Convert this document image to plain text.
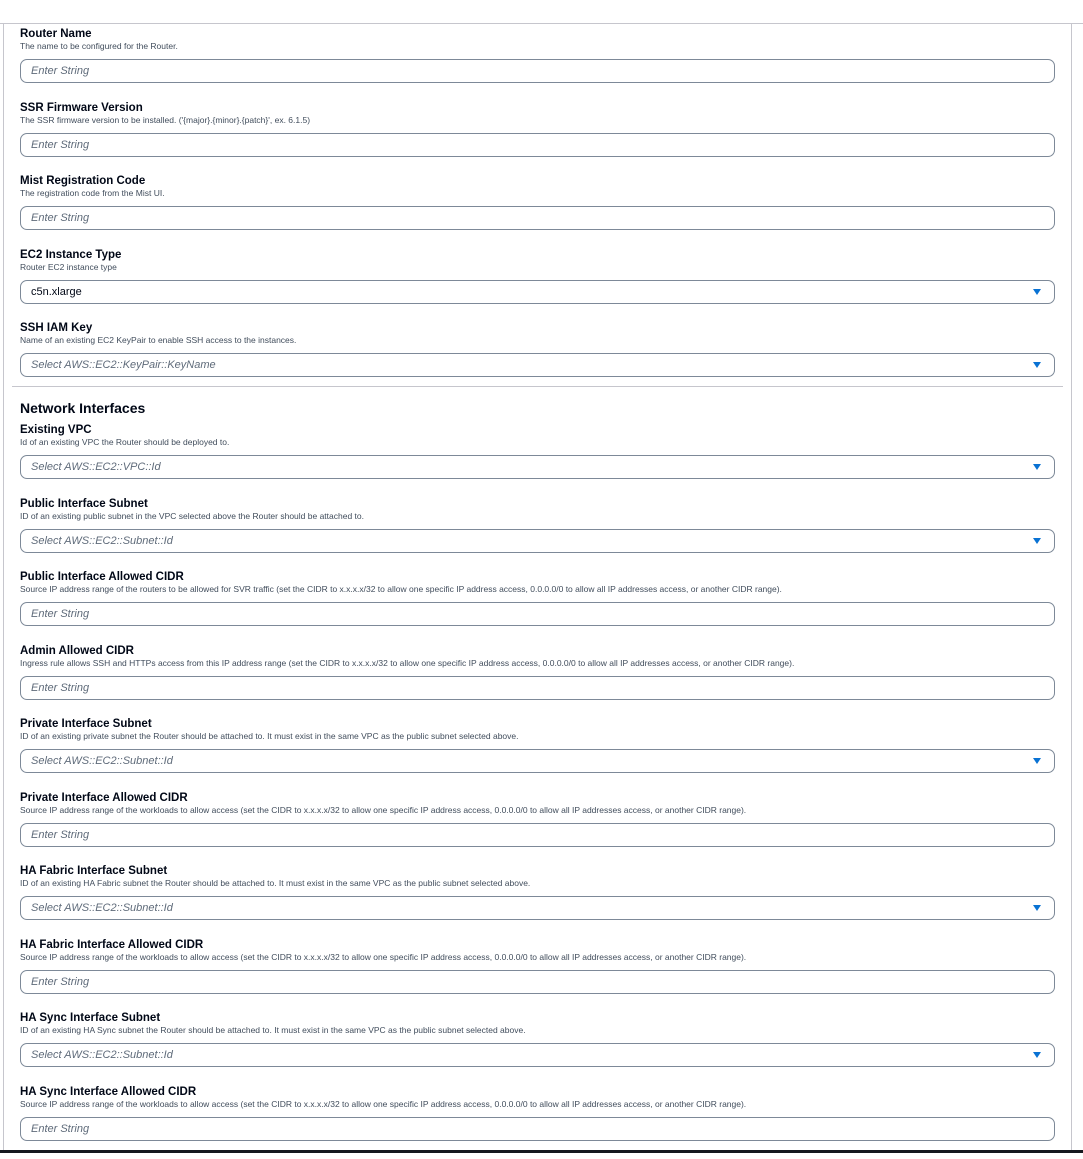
Router Name
The name to be configured for the Router.
Enter String
SSR Firmware Version
The SSR firmware version to be installed. ('{major}.{minor}.{patch}', ex. 6.1.5)
Enter String
Mist Registration Code
The registration code from the Mist UI.
Enter String
EC2 Instance Type
Router EC2 instance type
c5n.xlarge
SSH IAM Key
Name of an existing EC2 KeyPair to enable SSH access to the instances.
Select AWS::EC2::KeyPair::KeyName
Network Interfaces
Existing VPC
Id of an existing VPC the Router should be deployed to.
Select AWS::EC2::VPC::Id
Public Interface Subnet
ID of an existing public subnet in the VPC selected above the Router should be attached to.
Select AWS::EC2::Subnet::Id
Public Interface Allowed CIDR
Source IP address range of the routers to be allowed for SVR traffic (set the CIDR to x.x.x.x/32 to allow one specific IP address access, 0.0.0.0/0 to allow all IP addresses access, or another CIDR range).
Enter String
Admin Allowed CIDR
Ingress rule allows SSH and HTTPs access from this IP address range (set the CIDR to x.x.x.x/32 to allow one specific IP address access, 0.0.0.0/0 to allow all IP addresses access, or another CIDR range).
Enter String
Private Interface Subnet
ID of an existing private subnet the Router should be attached to. It must exist in the same VPC as the public subnet selected above.
Select AWS::EC2::Subnet::Id
Private Interface Allowed CIDR
Source IP address range of the workloads to allow access (set the CIDR to x.x.x.x/32 to allow one specific IP address access, 0.0.0.0/0 to allow all IP addresses access, or another CIDR range).
Enter String
HA Fabric Interface Subnet
ID of an existing HA Fabric subnet the Router should be attached to. It must exist in the same VPC as the public subnet selected above.
Select AWS::EC2::Subnet::Id
HA Fabric Interface Allowed CIDR
Source IP address range of the workloads to allow access (set the CIDR to x.x.x.x/32 to allow one specific IP address access, 0.0.0.0/0 to allow all IP addresses access, or another CIDR range).
Enter String
HA Sync Interface Subnet
ID of an existing HA Sync subnet the Router should be attached to. It must exist in the same VPC as the public subnet selected above.
Select AWS::EC2::Subnet::Id
HA Sync Interface Allowed CIDR
Source IP address range of the workloads to allow access (set the CIDR to x.x.x.x/32 to allow one specific IP address access, 0.0.0.0/0 to allow all IP addresses access, or another CIDR range).
Enter String
